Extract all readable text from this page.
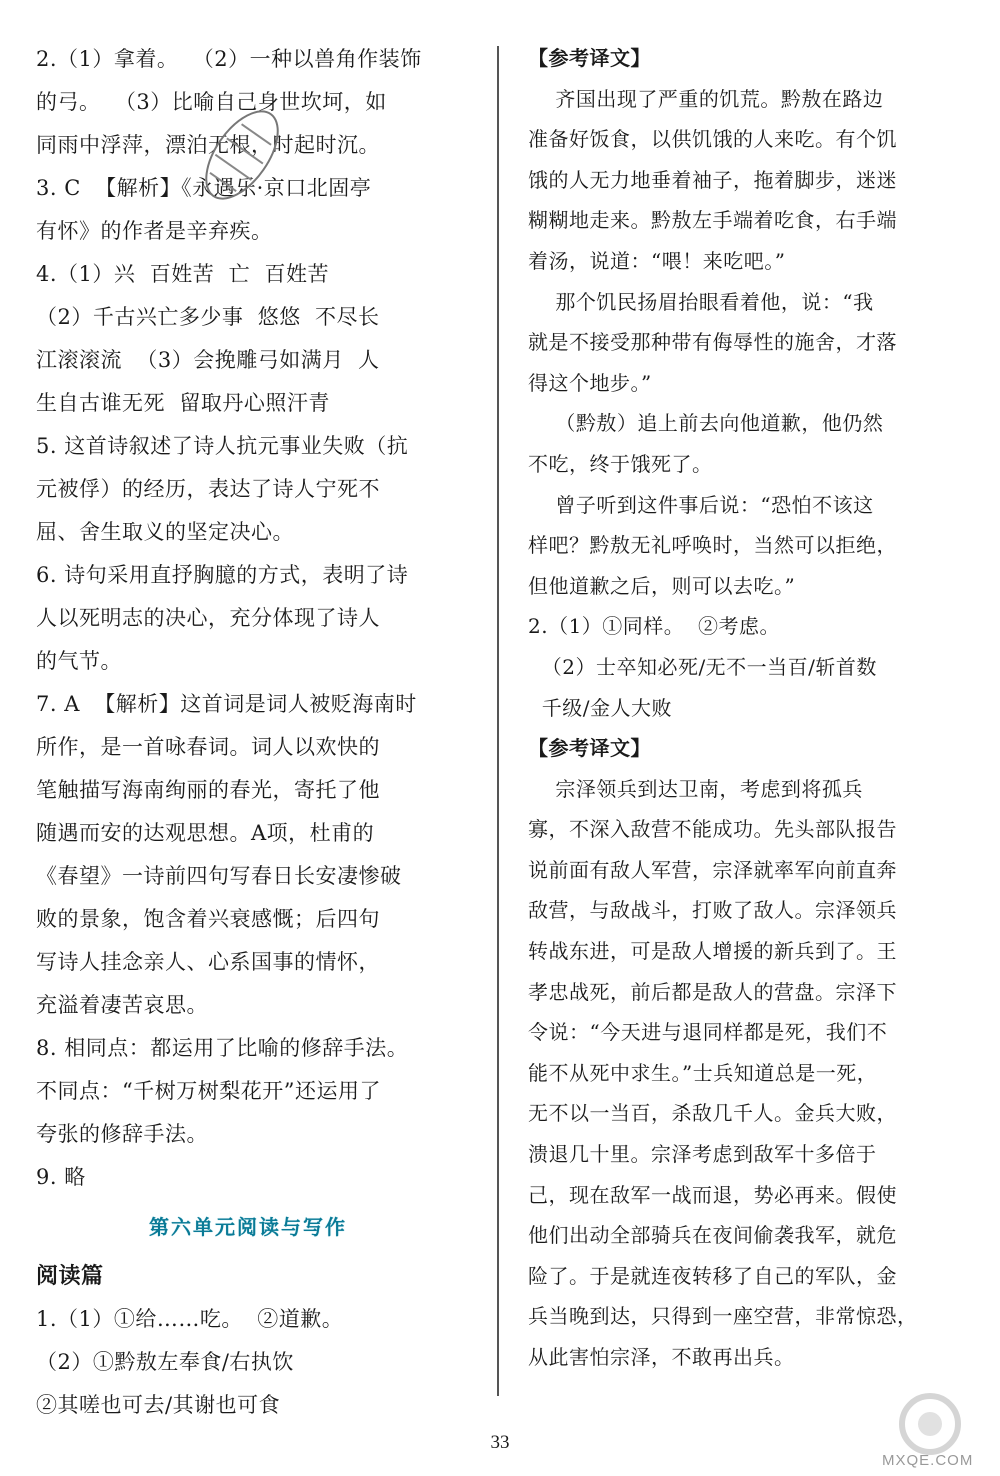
2.（1）拿着。  （2）一种以兽角作装饰
的弓。  （3）比喻自己身世坎坷，如
同雨中浮萍，漂泊无根，时起时沉。
3. C  【解析】《永遇乐·京口北固亭
有怀》的作者是辛弃疾。
4.（1）兴  百姓苦  亡  百姓苦
（2）千古兴亡多少事  悠悠  不尽长
江滚滚流  （3）会挽雕弓如满月  人
生自古谁无死  留取丹心照汗青
5. 这首诗叙述了诗人抗元事业失败（抗
元被俘）的经历，表达了诗人宁死不
屈、舍生取义的坚定决心。
6. 诗句采用直抒胸臆的方式，表明了诗
人以死明志的决心，充分体现了诗人
的气节。
7. A  【解析】这首词是词人被贬海南时
所作，是一首咏春词。词人以欢快的
笔触描写海南绚丽的春光，寄托了他
随遇而安的达观思想。A项，杜甫的
《春望》一诗前四句写春日长安凄惨破
败的景象，饱含着兴衰感慨；后四句
写诗人挂念亲人、心系国事的情怀，
充溢着凄苦哀思。
8. 相同点：都运用了比喻的修辞手法。
不同点：“千树万树梨花开”还运用了
夸张的修辞手法。
9. 略
第六单元阅读与写作
阅读篇
1.（1）①给……吃。  ②道歉。
（2）①黔敖左奉食/右执饮
②其嗟也可去/其谢也可食
【参考译文】
齐国出现了严重的饥荒。黔敖在路边
准备好饭食，以供饥饿的人来吃。有个饥
饿的人无力地垂着袖子，拖着脚步，迷迷
糊糊地走来。黔敖左手端着吃食，右手端
着汤，说道：“喂！来吃吧。”
那个饥民扬眉抬眼看着他，说：“我
就是不接受那种带有侮辱性的施舍，才落
得这个地步。”
（黔敖）追上前去向他道歉，他仍然
不吃，终于饿死了。
曾子听到这件事后说：“恐怕不该这
样吧？黔敖无礼呼唤时，当然可以拒绝，
但他道歉之后，则可以去吃。”
2.（1）①同样。  ②考虑。
（2）士卒知必死/无不一当百/斩首数
千级/金人大败
【参考译文】
宗泽领兵到达卫南，考虑到将孤兵
寡，不深入敌营不能成功。先头部队报告
说前面有敌人军营，宗泽就率军向前直奔
敌营，与敌战斗，打败了敌人。宗泽领兵
转战东进，可是敌人增援的新兵到了。王
孝忠战死，前后都是敌人的营盘。宗泽下
令说：“今天进与退同样都是死，我们不
能不从死中求生。”士兵知道总是一死，
无不以一当百，杀敌几千人。金兵大败，
溃退几十里。宗泽考虑到敌军十多倍于
己，现在敌军一战而退，势必再来。假使
他们出动全部骑兵在夜间偷袭我军，就危
险了。于是就连夜转移了自己的军队，金
兵当晚到达，只得到一座空营，非常惊恐，
从此害怕宗泽，不敢再出兵。
MXQE.COM
33
